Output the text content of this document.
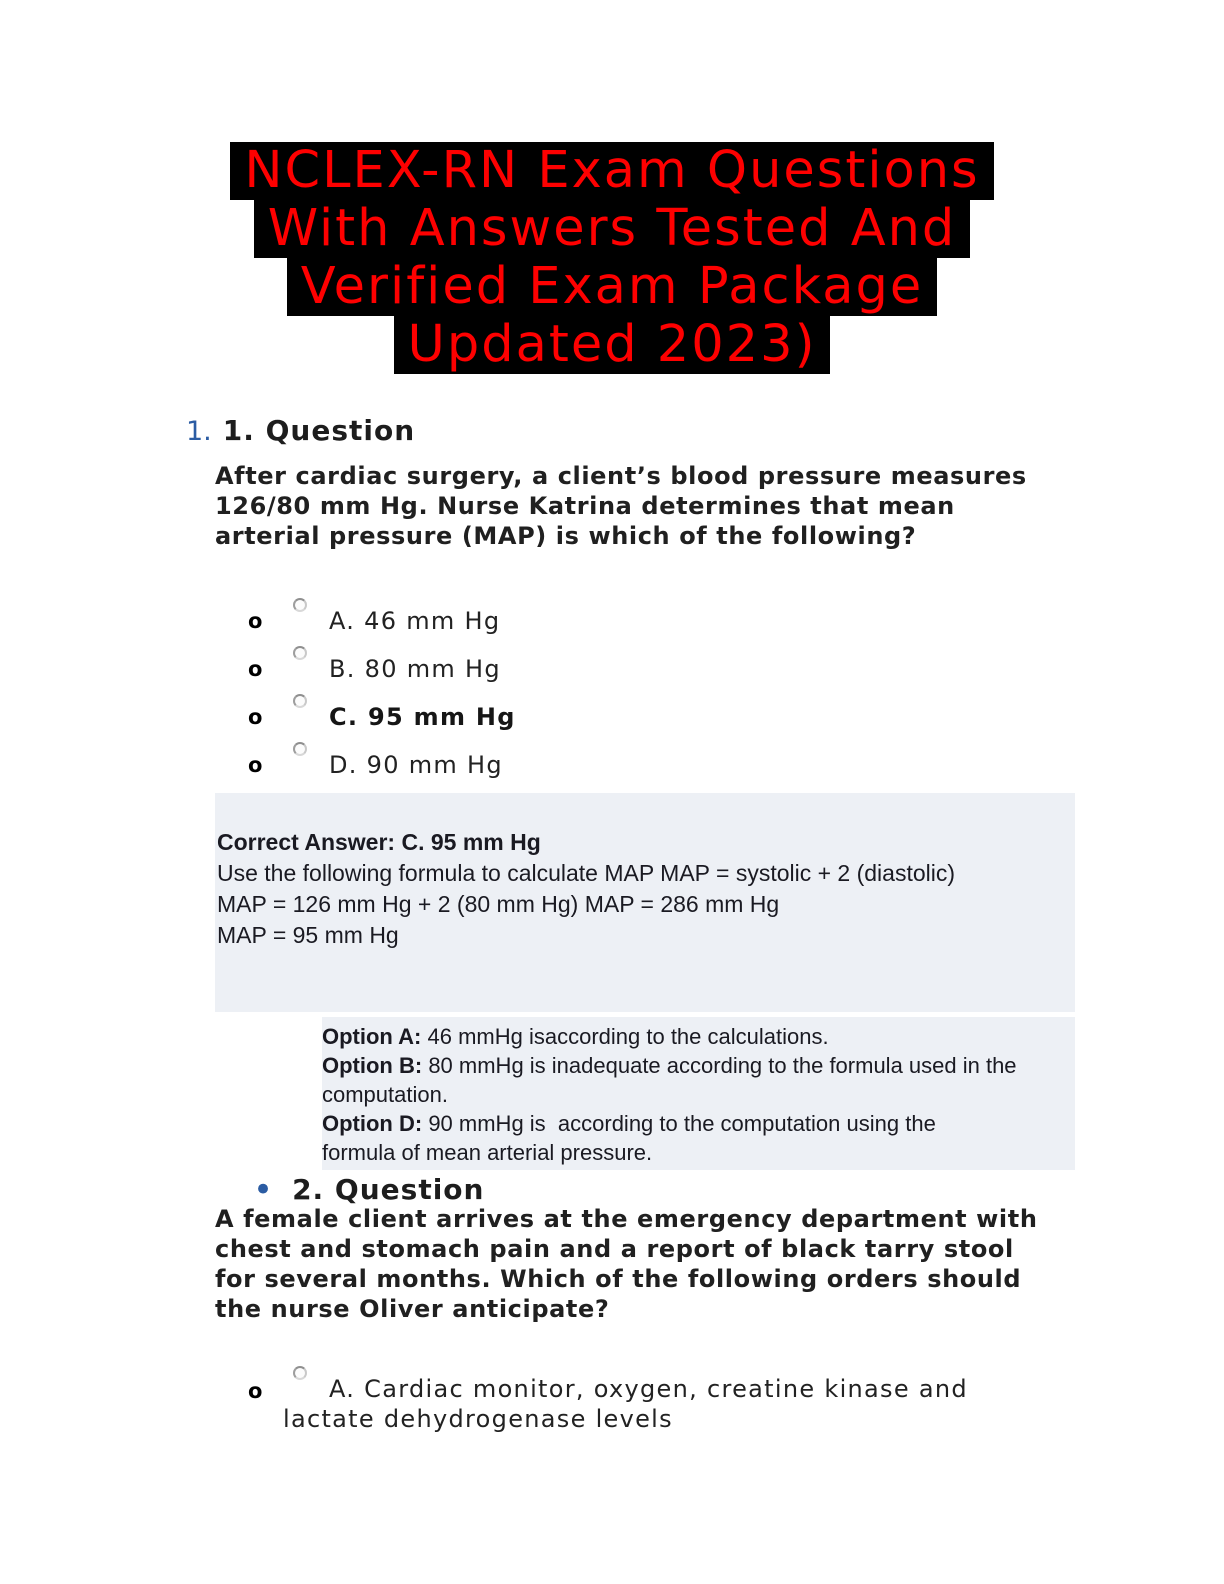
NCLEX-RN Exam Questions
With Answers Tested And
Verified Exam Package
Updated 2023)
1. 1. Question
After cardiac surgery, a client’s blood pressure measures
126/80 mm Hg. Nurse Katrina determines that mean
arterial pressure (MAP) is which of the following?
o	A. 46 mm Hg
o	B. 80 mm Hg
o	C. 95 mm Hg
o	D. 90 mm Hg
Correct Answer: C. 95 mm Hg
Use the following formula to calculate MAP MAP = systolic + 2 (diastolic)
MAP = 126 mm Hg + 2 (80 mm Hg) MAP = 286 mm Hg
MAP = 95 mm Hg
Option A: 46 mmHg isaccording to the calculations.
Option B: 80 mmHg is inadequate according to the formula used in the
computation.
Option D: 90 mmHg is  according to the computation using the
formula of mean arterial pressure.
• 2. Question
A female client arrives at the emergency department with
chest and stomach pain and a report of black tarry stool
for several months. Which of the following orders should
the nurse Oliver anticipate?
o	A. Cardiac monitor, oxygen, creatine kinase and lactate dehydrogenase levels
